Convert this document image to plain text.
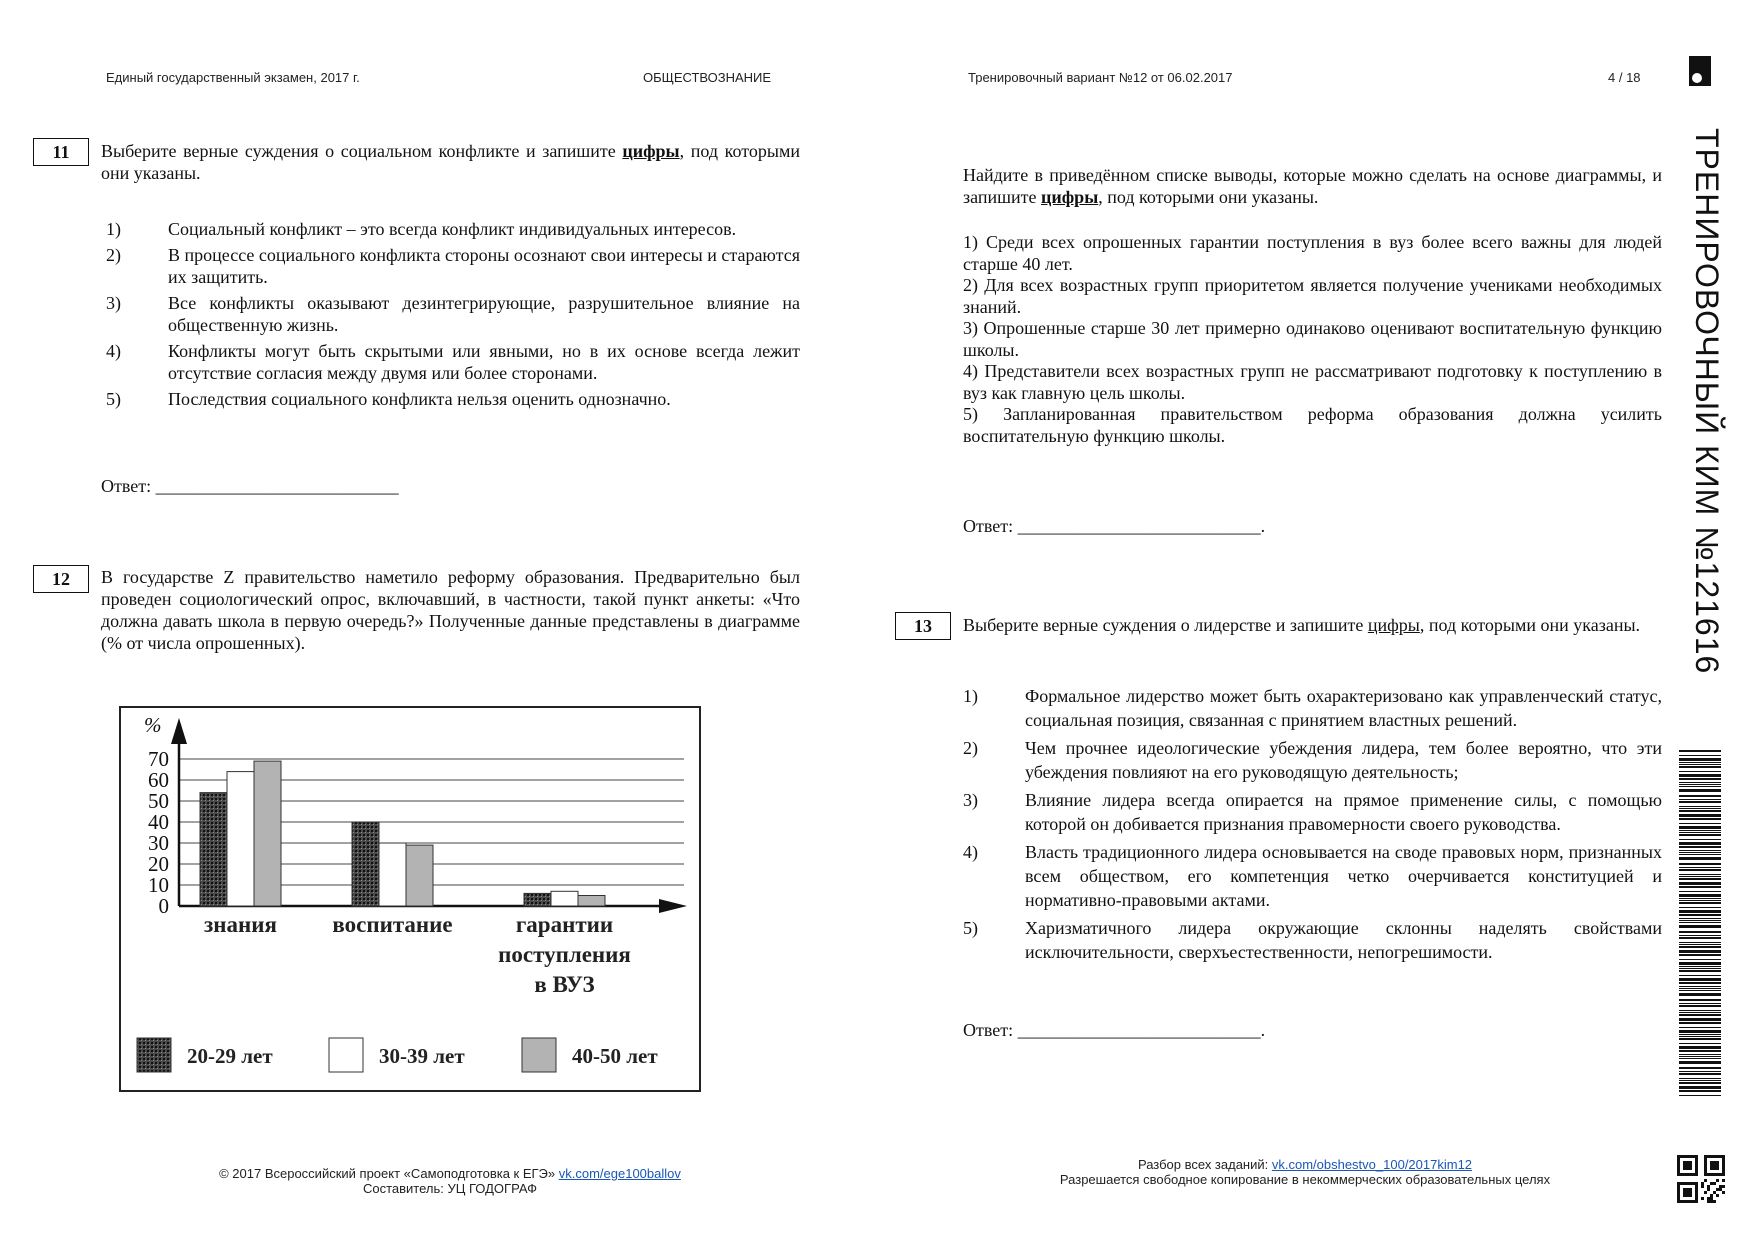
Единый государственный экзамен, 2017 г.	ОБЩЕСТВОЗНАНИЕ	Тренировочный вариант №12 от 06.02.2017	4 / 18
ТРЕНИРОВОЧНЫЙ КИМ №121616
11	Выберите верные суждения о социальном конфликте и запишите цифры, под которыми они указаны.
1)	Социальный конфликт – это всегда конфликт индивидуальных интересов.
2)	В процессе социального конфликта стороны осознают свои интересы и стараются их защитить.
3)	Все конфликты оказывают дезинтегрирующие, разрушительное влияние на общественную жизнь.
4)	Конфликты могут быть скрытыми или явными, но в их основе всегда лежит отсутствие согласия между двумя или более сторонами.
5)	Последствия социального конфликта нельзя оценить однозначно.
Ответ: ___________________________
12	В государстве Z правительство наметило реформу образования. Предварительно был проведен социологический опрос, включавший, в частности, такой пункт анкеты: «Что должна давать школа в первую очередь?» Полученные данные представлены в диаграмме (% от числа опрошенных).
70
60
50
40
30
20
10
0
%
знания воспитание	гарантии
поступления
в ВУЗ
20-29 лет	30-39 лет	40-50 лет
Найдите в приведённом списке выводы, которые можно сделать на основе диаграммы, и запишите цифры, под которыми они указаны.
1) Среди всех опрошенных гарантии поступления в вуз более всего важны для людей старше 40 лет.
2) Для всех возрастных групп приоритетом является получение учениками необходимых знаний.
3) Опрошенные старше 30 лет примерно одинаково оценивают воспитательную функцию школы.
4) Представители всех возрастных групп не рассматривают подготовку к поступлению в вуз как главную цель школы.
5) Запланированная правительством реформа образования должна усилить воспитательную функцию школы.
Ответ: ___________________________.
13	Выберите верные суждения о лидерстве и запишите цифры, под которыми они указаны.
1)	Формальное лидерство может быть охарактеризовано как управленческий статус, социальная позиция, связанная с принятием властных решений.
2)	Чем прочнее идеологические убеждения лидера, тем более вероятно, что эти убеждения повлияют на его руководящую деятельность;
3)	Влияние лидера всегда опирается на прямое применение силы, с помощью которой он добивается признания правомерности своего руководства.
4)	Власть традиционного лидера основывается на своде правовых норм, признанных всем обществом, его компетенция четко очерчивается конституцией и нормативно-правовыми актами.
5)	Харизматичного лидера окружающие склонны наделять свойствами исключительности, сверхъестественности, непогрешимости.
Ответ: ___________________________.
© 2017 Всероссийский проект «Самоподготовка к ЕГЭ» vk.com/ege100ballov
Составитель: УЦ ГОДОГРАФ
Разбор всех заданий: vk.com/obshestvo_100/2017kim12
Разрешается свободное копирование в некоммерческих образовательных целях
